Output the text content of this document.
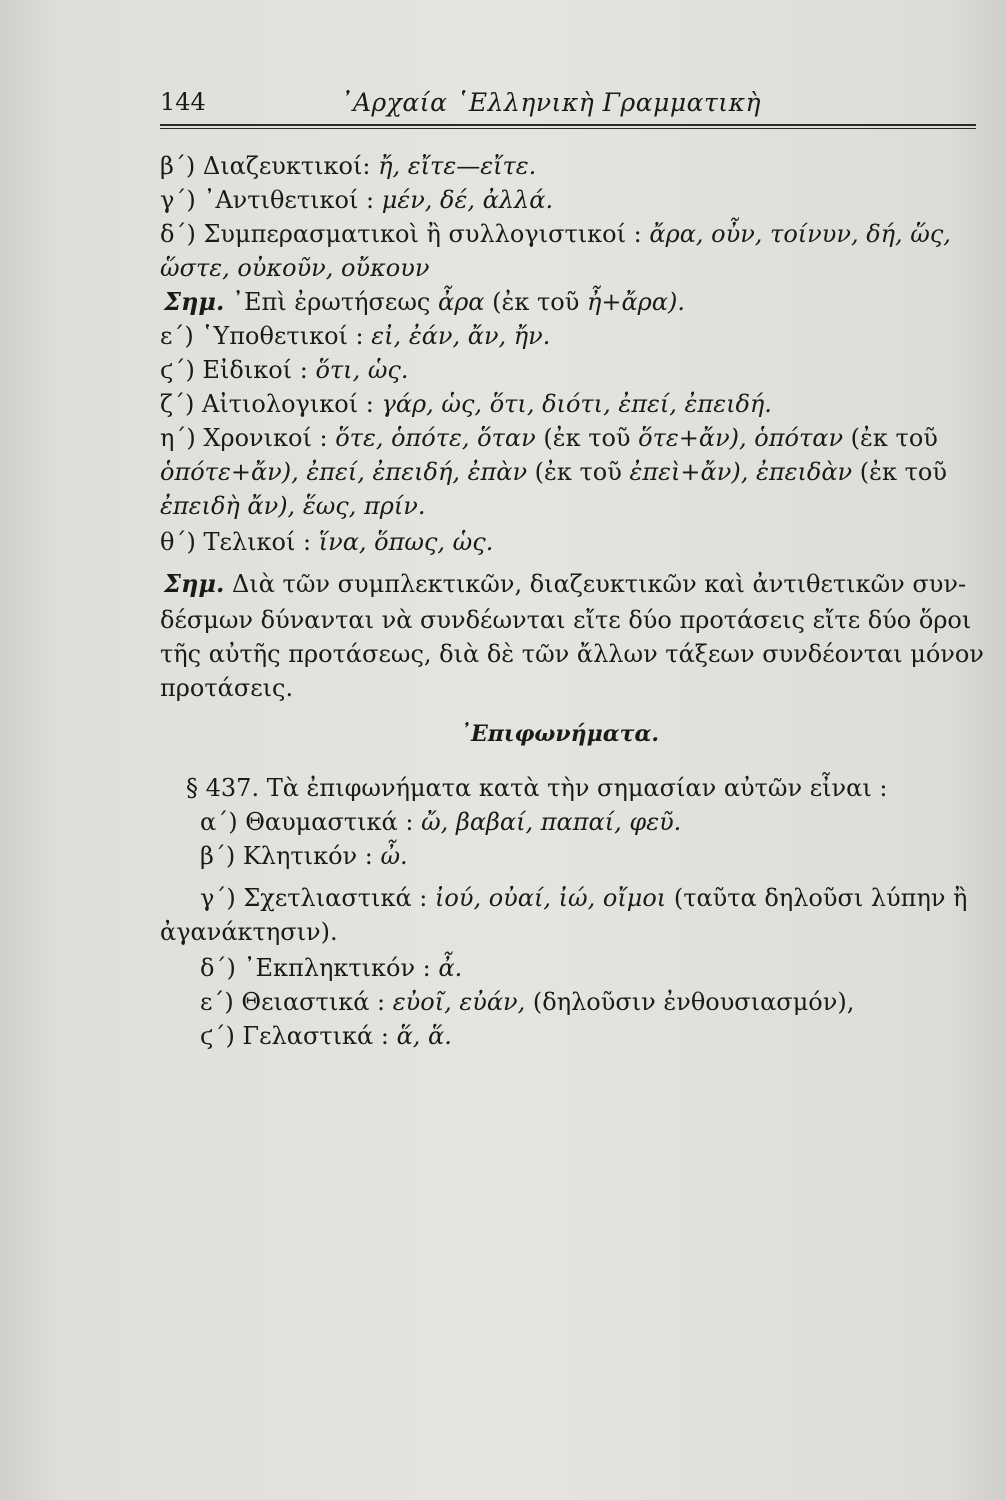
144	᾽Αρχαία ῾Ελληνικὴ Γραμματικὴ
β΄) Διαζευκτικοί: ἤ, εἴτε—εἴτε.
γ΄) ᾽Αντιθετικοί : μέν, δέ, ἀλλά.
δ΄) Συμπερασματικοὶ ἢ συλλογιστικοί : ἄρα, οὖν, τοίνυν, δή, ὥς,
ὥστε, οὐκοῦν, οὔκουν
Σημ. ᾽Επὶ ἐρωτήσεως ἆρα (ἐκ τοῦ ἦ+ἄρα).
ε΄) ῾Υποθετικοί : εἰ, ἐάν, ἄν, ἤν.
ϛ΄) Εἰδικοί : ὅτι, ὡς.
ζ΄) Αἰτιολογικοί : γάρ, ὡς, ὅτι, διότι, ἐπεί, ἐπειδή.
η΄) Χρονικοί : ὅτε, ὁπότε, ὅταν (ἐκ τοῦ ὅτε+ἄν), ὁπόταν (ἐκ τοῦ
ὁπότε+ἄν), ἐπεί, ἐπειδή, ἐπὰν (ἐκ τοῦ ἐπεὶ+ἄν), ἐπειδὰν (ἐκ τοῦ
ἐπειδὴ ἄν), ἕως, πρίν.
θ΄) Τελικοί : ἵνα, ὅπως, ὡς.
Σημ. Διὰ τῶν συμπλεκτικῶν, διαζευκτικῶν καὶ ἀντιθετικῶν συν-
δέσμων δύνανται νὰ συνδέωνται εἴτε δύο προτάσεις εἴτε δύο ὅροι
τῆς αὐτῆς προτάσεως, διὰ δὲ τῶν ἄλλων τάξεων συνδέονται μόνον
προτάσεις.
᾽Επιφωνήματα.
§ 437. Τὰ ἐπιφωνήματα κατὰ τὴν σημασίαν αὐτῶν εἶναι :
α΄) Θαυμαστικά : ὤ, βαβαί, παπαί, φεῦ.
β΄) Κλητικόν : ὦ.
γ΄) Σχετλιαστικά : ἰού, οὐαί, ἰώ, οἴμοι (ταῦτα δηλοῦσι λύπην ἢ
ἀγανάκτησιν).
δ΄) ᾽Εκπληκτικόν : ἆ.
ε΄) Θειαστικά : εὐοῖ, εὐάν, (δηλοῦσιν ἐνθουσιασμόν),
ϛ΄) Γελαστικά : ἅ, ἅ.
